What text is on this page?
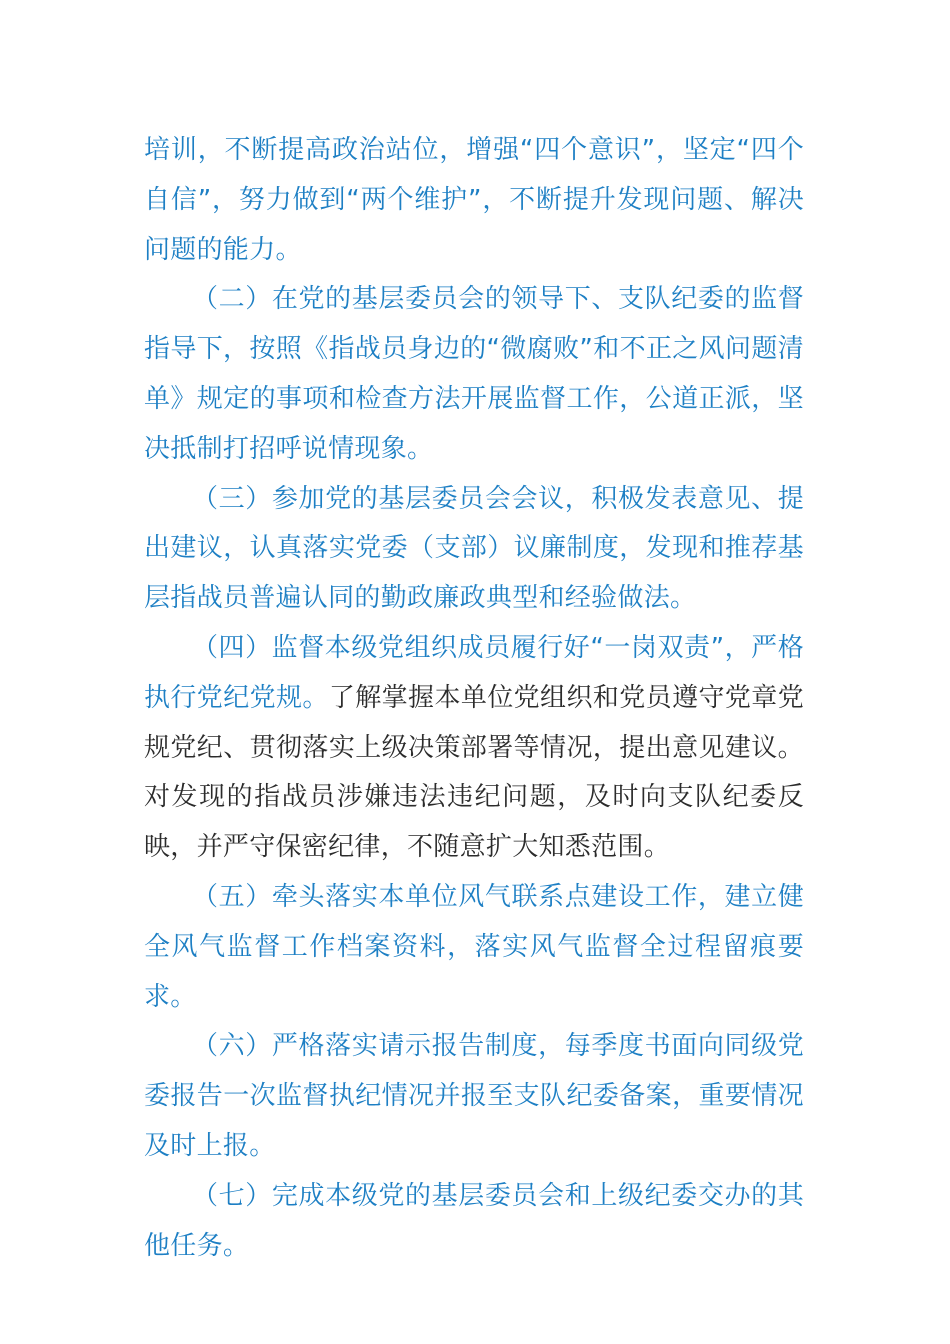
培训，不断提高政治站位，增强“四个意识”，坚定“四个自信”，努力做到“两个维护”，不断提升发现问题、解决问题的能力。

（二）在党的基层委员会的领导下、支队纪委的监督指导下，按照《指战员身边的“微腐败”和不正之风问题清单》规定的事项和检查方法开展监督工作，公道正派，坚决抵制打招呼说情现象。

（三）参加党的基层委员会会议，积极发表意见、提出建议，认真落实党委（支部）议廉制度，发现和推荐基层指战员普遍认同的勤政廉政典型和经验做法。

（四）监督本级党组织成员履行好“一岗双责”，严格执行党纪党规。了解掌握本单位党组织和党员遵守党章党规党纪、贯彻落实上级决策部署等情况，提出意见建议。对发现的指战员涉嫌违法违纪问题，及时向支队纪委反映，并严守保密纪律，不随意扩大知悉范围。

（五）牵头落实本单位风气联系点建设工作，建立健全风气监督工作档案资料，落实风气监督全过程留痕要求。

（六）严格落实请示报告制度，每季度书面向同级党委报告一次监督执纪情况并报至支队纪委备案，重要情况及时上报。

（七）完成本级党的基层委员会和上级纪委交办的其他任务。
